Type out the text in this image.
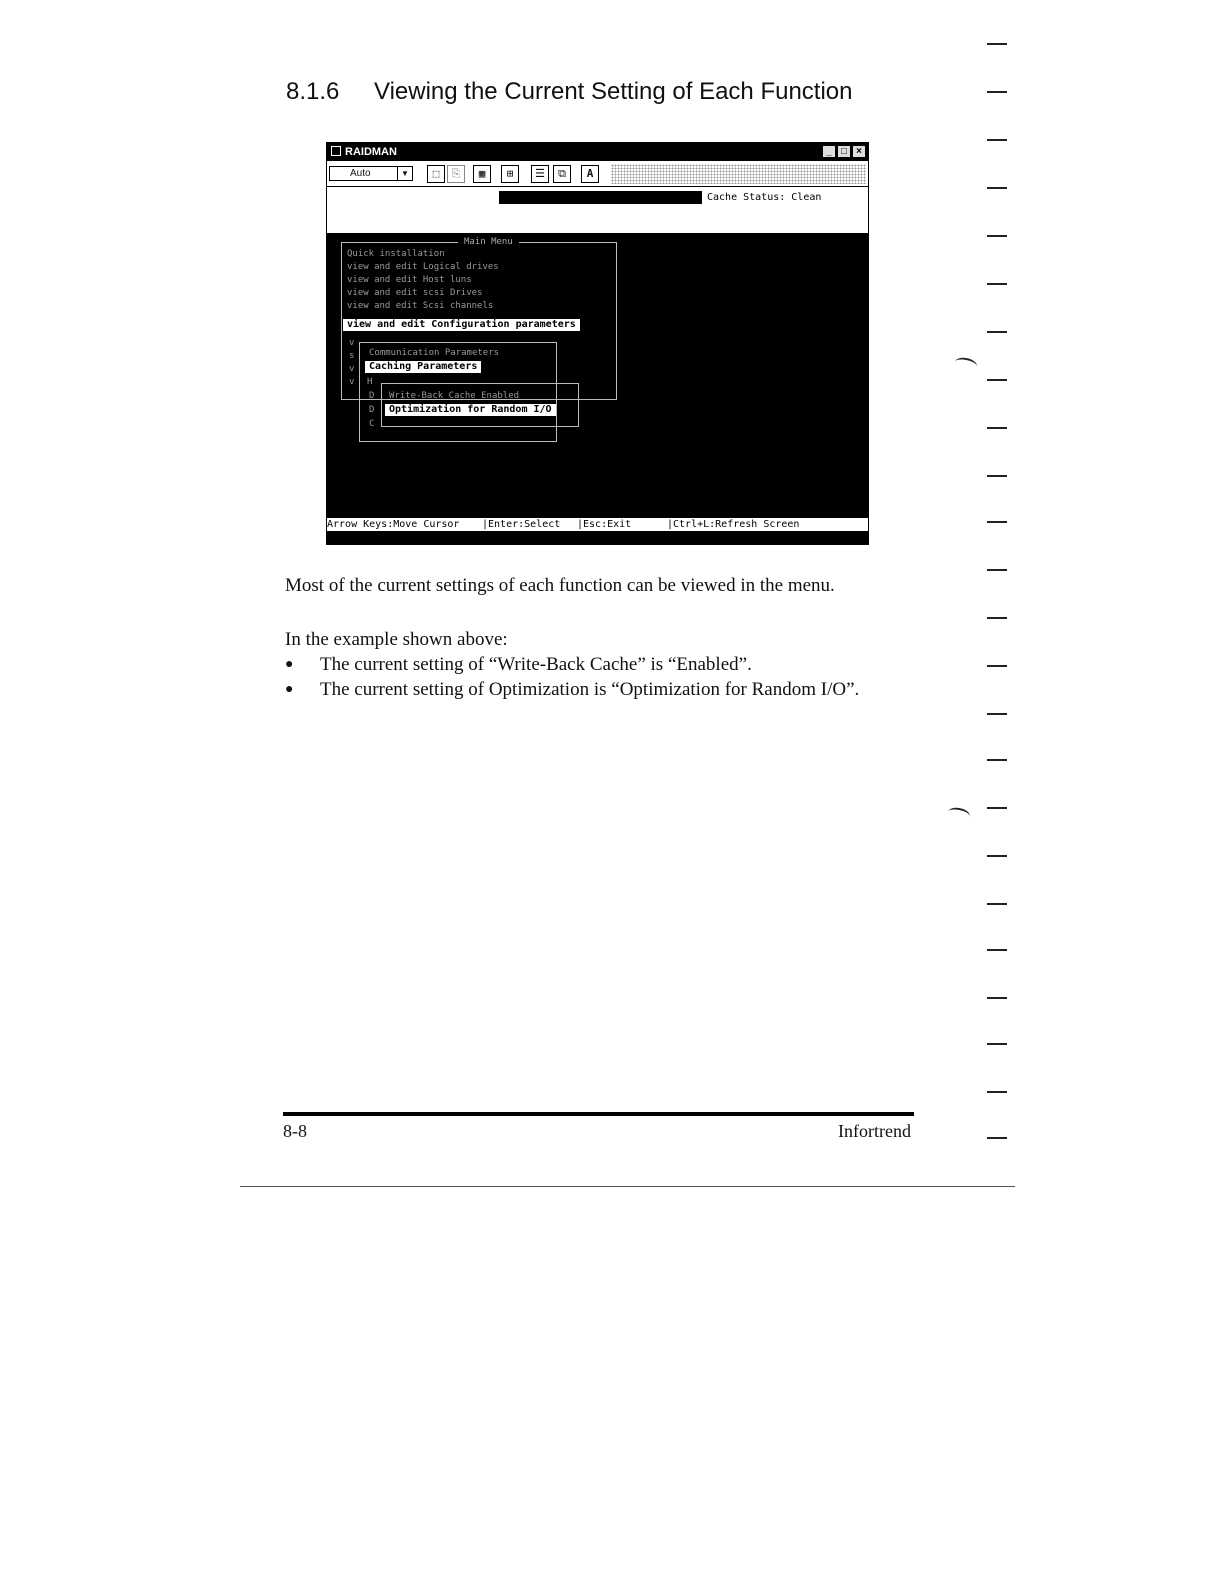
8.1.6 Viewing the Current Setting of Each Function
RAIDMAN	_ □ ×
Auto	▼	⬚	⎘	▦	⊞	☰	⧉	A
Cache Status: Clean
Main Menu
Quick installation
view and edit Logical drives
view and edit Host luns
view and edit scsi Drives
view and edit Scsi channels
view and edit Configuration parameters
v
s
v
v
Communication Parameters
Caching Parameters
H
D
D
C
Write-Back Cache Enabled
Optimization for Random I/O
Arrow Keys:Move Cursor |Enter:Select |Esc:Exit	|Ctrl+L:Refresh Screen
Most of the current settings of each function can be viewed in the menu.
In the example shown above:
● The current setting of “Write-Back Cache” is “Enabled”.
● The current setting of Optimization is “Optimization for Random I/O”.
8-8	Infortrend
